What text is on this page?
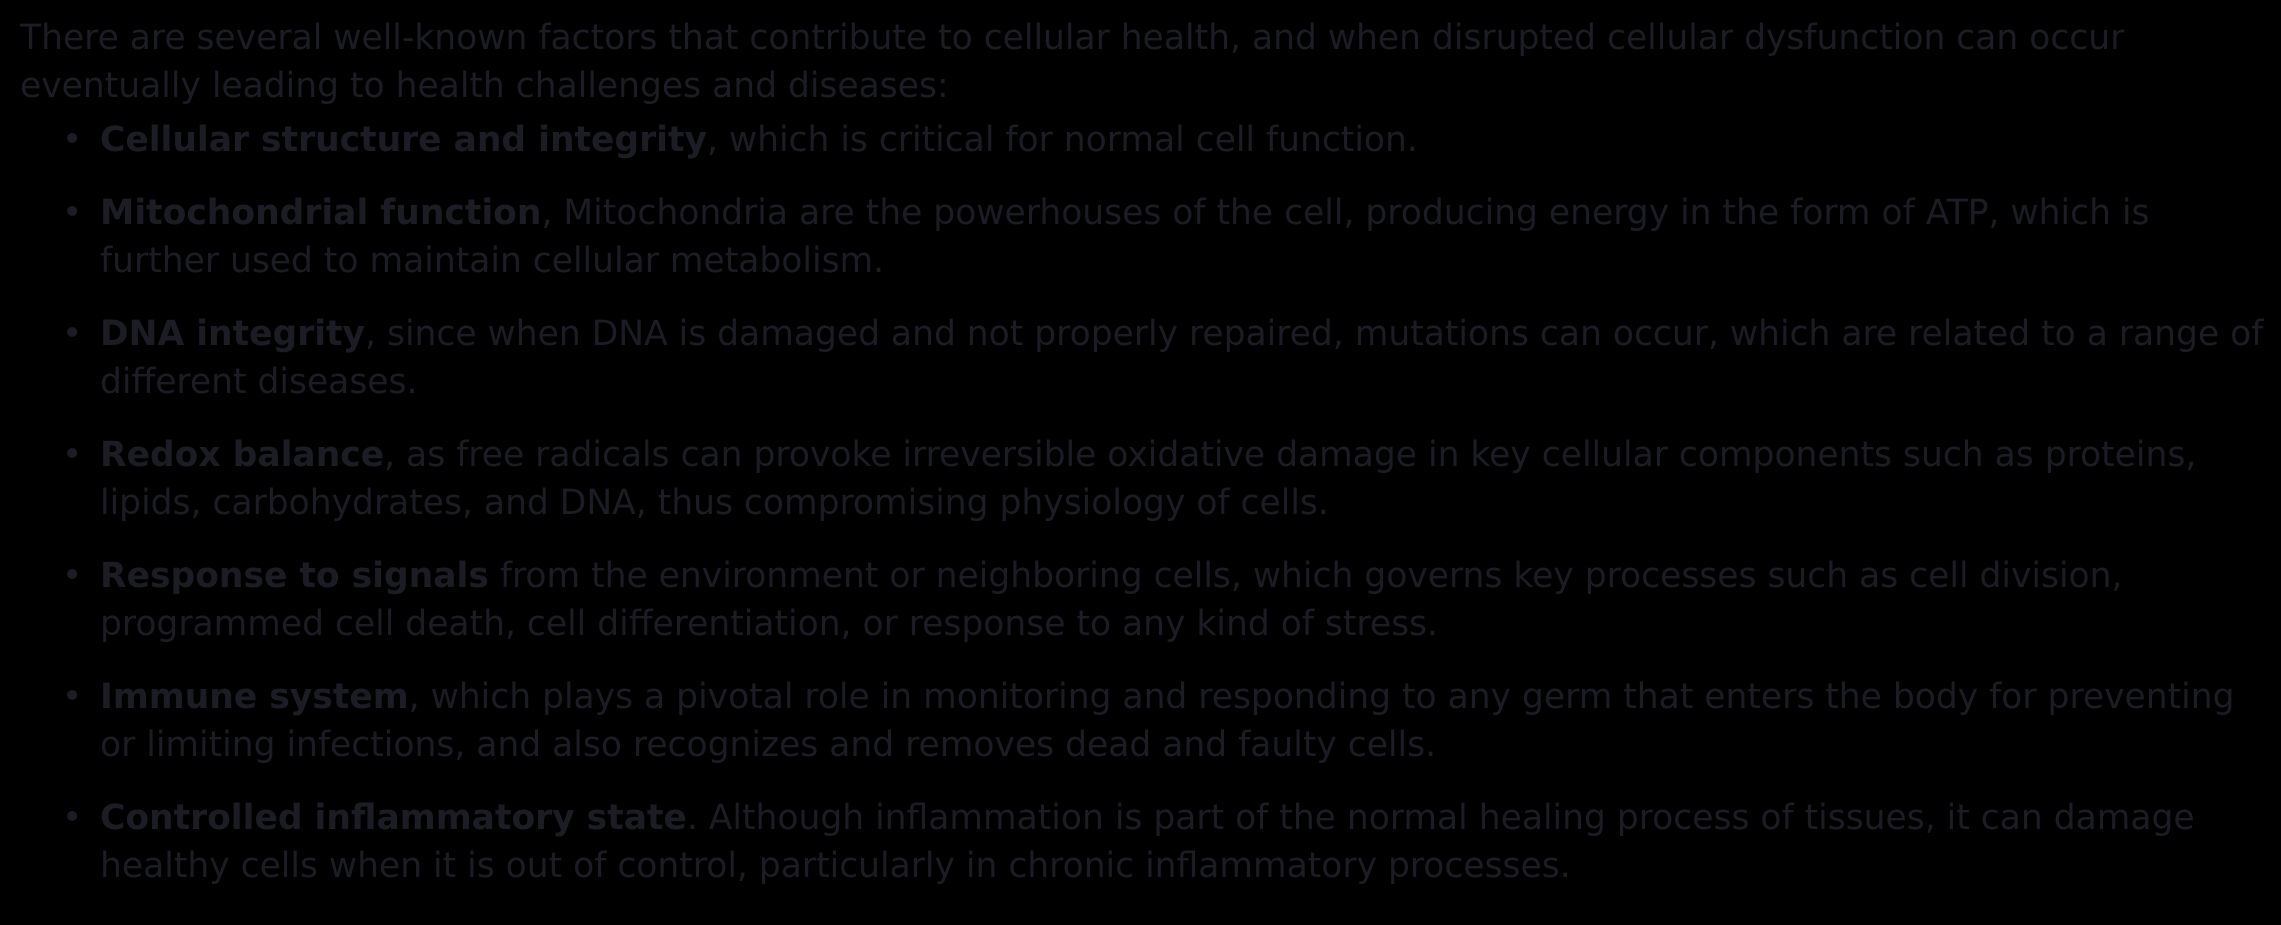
There are several well-known factors that contribute to cellular health, and when disrupted cellular dysfunction can occur eventually leading to health challenges and diseases:

• Cellular structure and integrity, which is critical for normal cell function.
• Mitochondrial function, Mitochondria are the powerhouses of the cell, producing energy in the form of ATP, which is further used to maintain cellular metabolism.
• DNA integrity, since when DNA is damaged and not properly repaired, mutations can occur, which are related to a range of different diseases.
• Redox balance, as free radicals can provoke irreversible oxidative damage in key cellular components such as proteins, lipids, carbohydrates, and DNA, thus compromising physiology of cells.
• Response to signals from the environment or neighboring cells, which governs key processes such as cell division, programmed cell death, cell differentiation, or response to any kind of stress.
• Immune system, which plays a pivotal role in monitoring and responding to any germ that enters the body for preventing or limiting infections, and also recognizes and removes dead and faulty cells.
• Controlled inflammatory state. Although inflammation is part of the normal healing process of tissues, it can damage healthy cells when it is out of control, particularly in chronic inflammatory processes.
